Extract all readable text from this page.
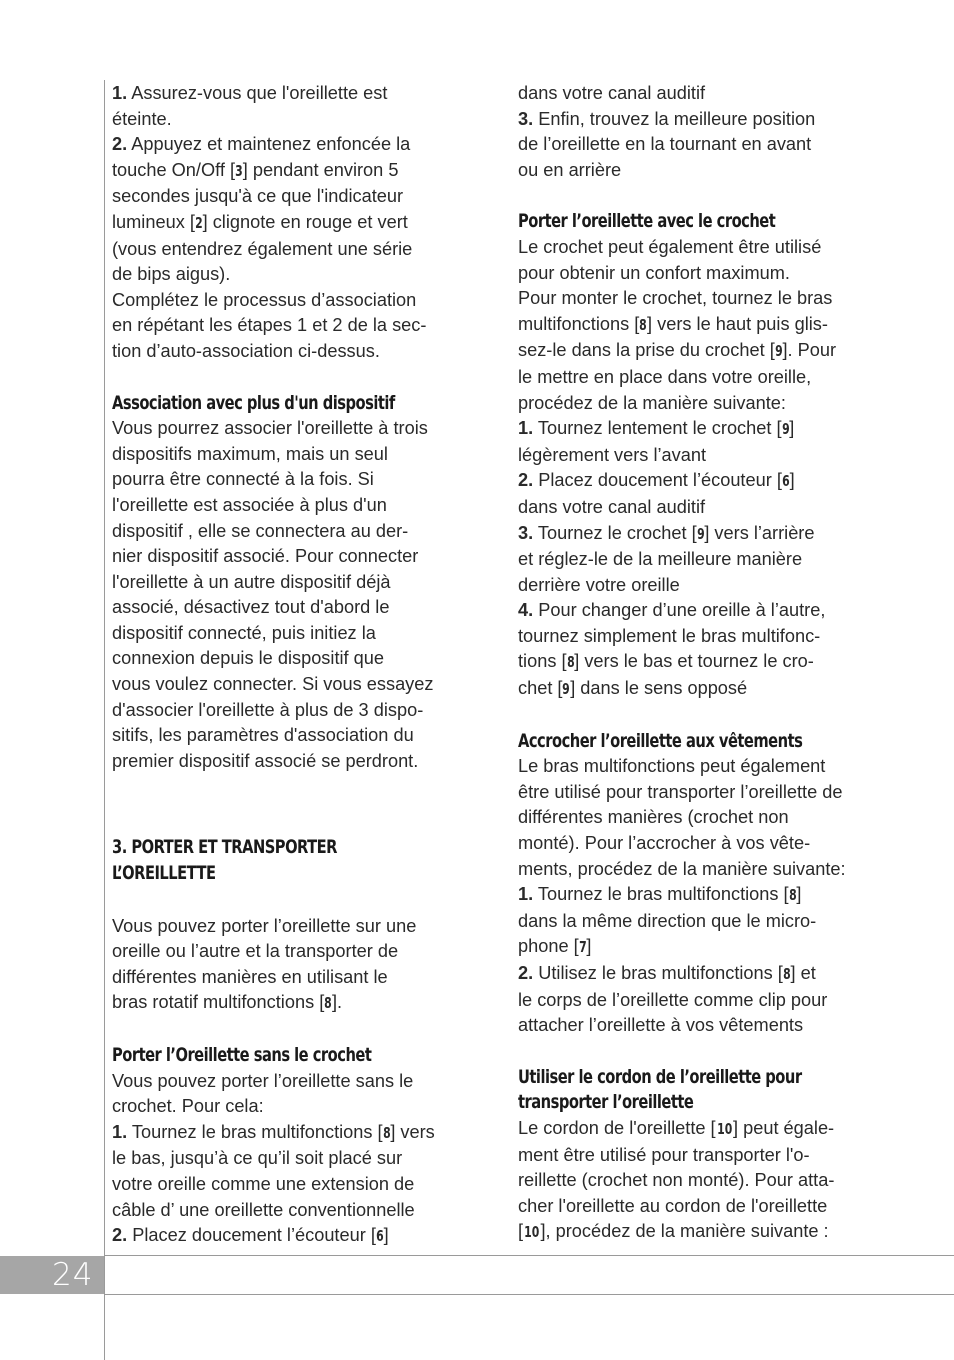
24

1. Assurez-vous que l'oreillette est

éteinte.

2. Appuyez et maintenez enfoncée la

touche On/Off [3] pendant environ 5

secondes jusqu'à ce que l'indicateur

lumineux [2] clignote en rouge et vert

(vous entendrez également une série

de bips aigus).

Complétez le processus d’association

en répétant les étapes 1 et 2 de la sec-

tion d’auto-association ci-dessus.

Association avec plus d'un dispositif

Vous pourrez associer l'oreillette à trois

dispositifs maximum, mais un seul

pourra être connecté à la fois. Si

l'oreillette est associée à plus d'un

dispositif , elle se connectera au der-

nier dispositif associé. Pour connecter

l'oreillette à un autre dispositif déjà

associé, désactivez tout d'abord le

dispositif connecté, puis initiez la

connexion depuis le dispositif que

vous voulez connecter. Si vous essayez

d'associer l'oreillette à plus de 3 dispo-

sitifs, les paramètres d'association du

premier dispositif associé se perdront.

3. PORTER ET TRANSPORTER

L’OREILLETTE

Vous pouvez porter l’oreillette sur une

oreille ou l’autre et la transporter de

différentes manières en utilisant le

bras rotatif multifonctions [8].

Porter l’Oreillette sans le crochet

Vous pouvez porter l’oreillette sans le

crochet. Pour cela:

1. Tournez le bras multifonctions [8] vers

le bas, jusqu’à ce qu’il soit placé sur

votre oreille comme une extension de

câble d’ une oreillette conventionnelle

2. Placez doucement l’écouteur [6]

dans votre canal auditif

3. Enfin, trouvez la meilleure position

de l’oreillette en la tournant en avant

ou en arrière

Porter l’oreillette avec le crochet

Le crochet peut également être utilisé

pour obtenir un confort maximum.

Pour monter le crochet, tournez le bras

multifonctions [8] vers le haut puis glis-

sez-le dans la prise du crochet [9]. Pour

le mettre en place dans votre oreille,

procédez de la manière suivante:

1. Tournez lentement le crochet [9]

légèrement vers l’avant

2. Placez doucement l’écouteur [6]

dans votre canal auditif

3. Tournez le crochet [9] vers l’arrière

et réglez-le de la meilleure manière

derrière votre oreille

4. Pour changer d’une oreille à l’autre,

tournez simplement le bras multifonc-

tions [8] vers le bas et tournez le cro-

chet [9] dans le sens opposé

Accrocher l’oreillette aux vêtements

Le bras multifonctions peut également

être utilisé pour transporter l’oreillette de

différentes manières (crochet non

monté). Pour l’accrocher à vos vête-

ments, procédez de la manière suivante:

1. Tournez le bras multifonctions [8]

dans la même direction que le micro-

phone [7]

2. Utilisez le bras multifonctions [8] et

le corps de l’oreillette comme clip pour

attacher l’oreillette à vos vêtements

Utiliser le cordon de l’oreillette pour

transporter l’oreillette

Le cordon de l'oreillette [10] peut égale-

ment être utilisé pour transporter l'o-

reillette (crochet non monté). Pour atta-

cher l'oreillette au cordon de l'oreillette

[10], procédez de la manière suivante :
